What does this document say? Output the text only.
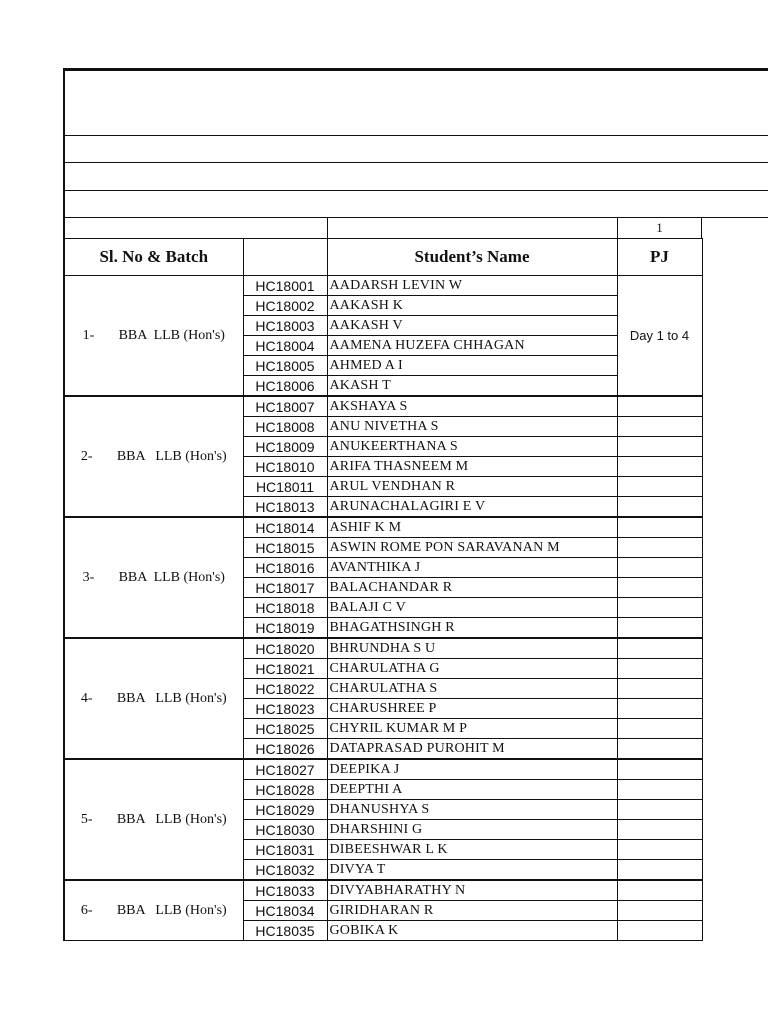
1
Sl. No & Batch		Student’s Name	PJ
1- BBA  LLB (Hon's)	HC18001	AADARSH LEVIN W	Day 1 to 4
	HC18002	AAKASH K	
	HC18003	AAKASH V	
	HC18004	AAMENA HUZEFA CHHAGAN	
	HC18005	AHMED A I	
	HC18006	AKASH T	
2- BBA   LLB (Hon's)	HC18007	AKSHAYA S	
	HC18008	ANU NIVETHA S	
	HC18009	ANUKEERTHANA S	
	HC18010	ARIFA THASNEEM M	
	HC18011	ARUL VENDHAN R	
	HC18013	ARUNACHALAGIRI E V	
3- BBA  LLB (Hon's)	HC18014	ASHIF K M	
	HC18015	ASWIN ROME PON SARAVANAN M	
	HC18016	AVANTHIKA J	
	HC18017	BALACHANDAR R	
	HC18018	BALAJI C V	
	HC18019	BHAGATHSINGH R	
4- BBA   LLB (Hon's)	HC18020	BHRUNDHA S U	
	HC18021	CHARULATHA G	
	HC18022	CHARULATHA S	
	HC18023	CHARUSHREE P	
	HC18025	CHYRIL KUMAR M P	
	HC18026	DATAPRASAD PUROHIT M	
5- BBA   LLB (Hon's)	HC18027	DEEPIKA J	
	HC18028	DEEPTHI A	
	HC18029	DHANUSHYA S	
	HC18030	DHARSHINI G	
	HC18031	DIBEESHWAR L K	
	HC18032	DIVYA T	
6- BBA   LLB (Hon's)	HC18033	DIVYABHARATHY N	
	HC18034	GIRIDHARAN R	
	HC18035	GOBIKA K	
